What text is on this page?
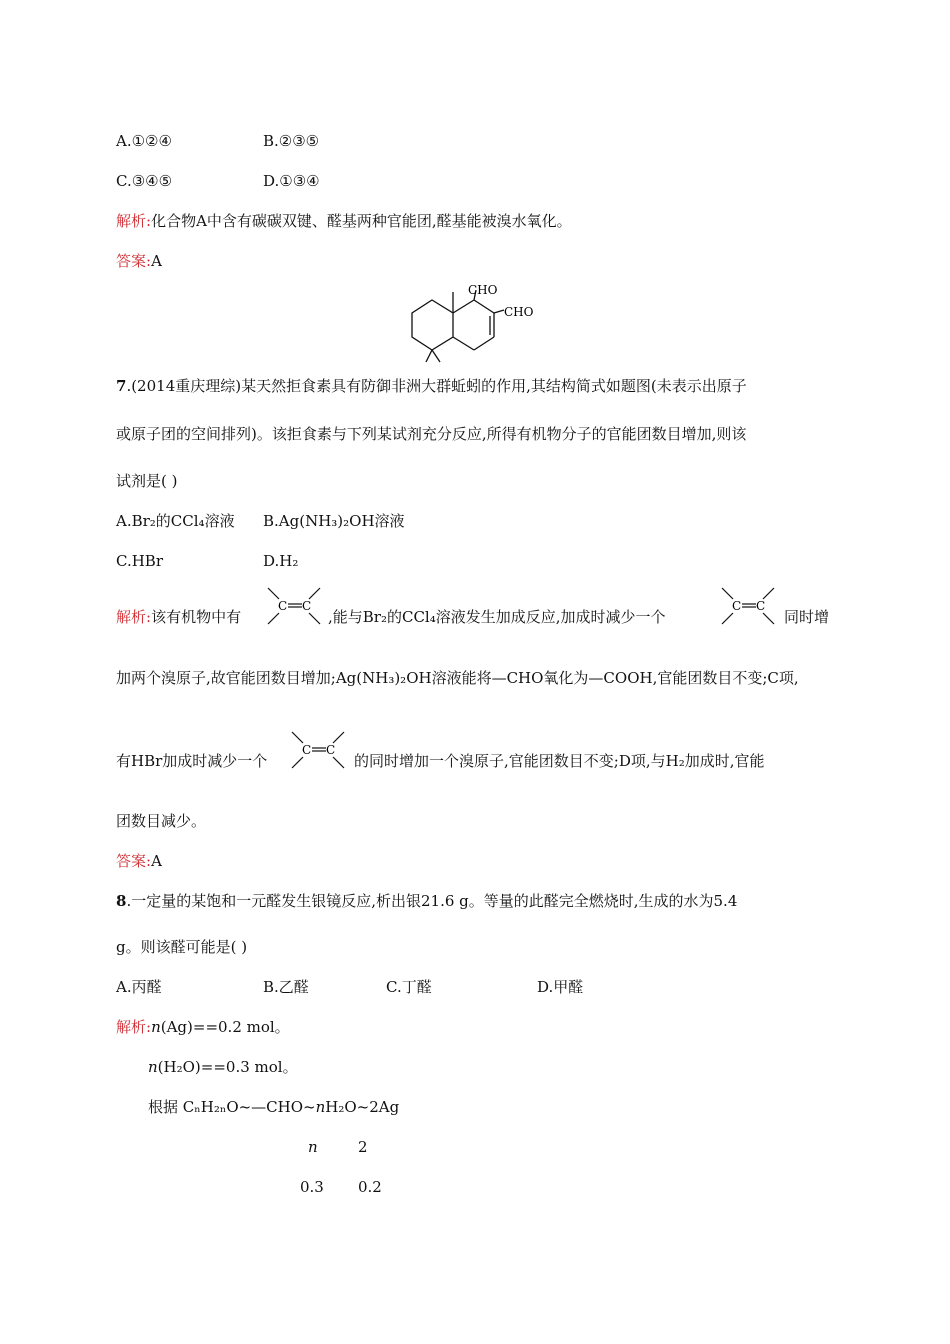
A.①②④	B.②③⑤
C.③④⑤	D.①③④
解析:化合物A中含有碳碳双键、醛基两种官能团,醛基能被溴水氧化。
答案:A
CHO
CHO
7.(2014重庆理综)某天然拒食素具有防御非洲大群蚯蚓的作用,其结构简式如题图(未表示出原子
或原子团的空间排列)。该拒食素与下列某试剂充分反应,所得有机物分子的官能团数目增加,则该
试剂是( )
A.Br₂的CCl₄溶液 B.Ag(NH₃)₂OH溶液
C.HBr	D.H₂
解析:该有机物中有
C C
,能与Br₂的CCl₄溶液发生加成反应,加成时减少一个
C C
同时增
加两个溴原子,故官能团数目增加;Ag(NH₃)₂OH溶液能将—CHO氧化为—COOH,官能团数目不变;C项,
有HBr加成时减少一个
C C
的同时增加一个溴原子,官能团数目不变;D项,与H₂加成时,官能
团数目减少。
答案:A
8.一定量的某饱和一元醛发生银镜反应,析出银21.6 g。等量的此醛完全燃烧时,生成的水为5.4
g。则该醛可能是( )
A.丙醛	B.乙醛	C.丁醛	D.甲醛
解析:n(Ag)==0.2 mol。
n(H₂O)==0.3 mol。
根据 CₙH₂ₙO~—CHO~nH₂O~2Ag
n	2
0.3 0.2
